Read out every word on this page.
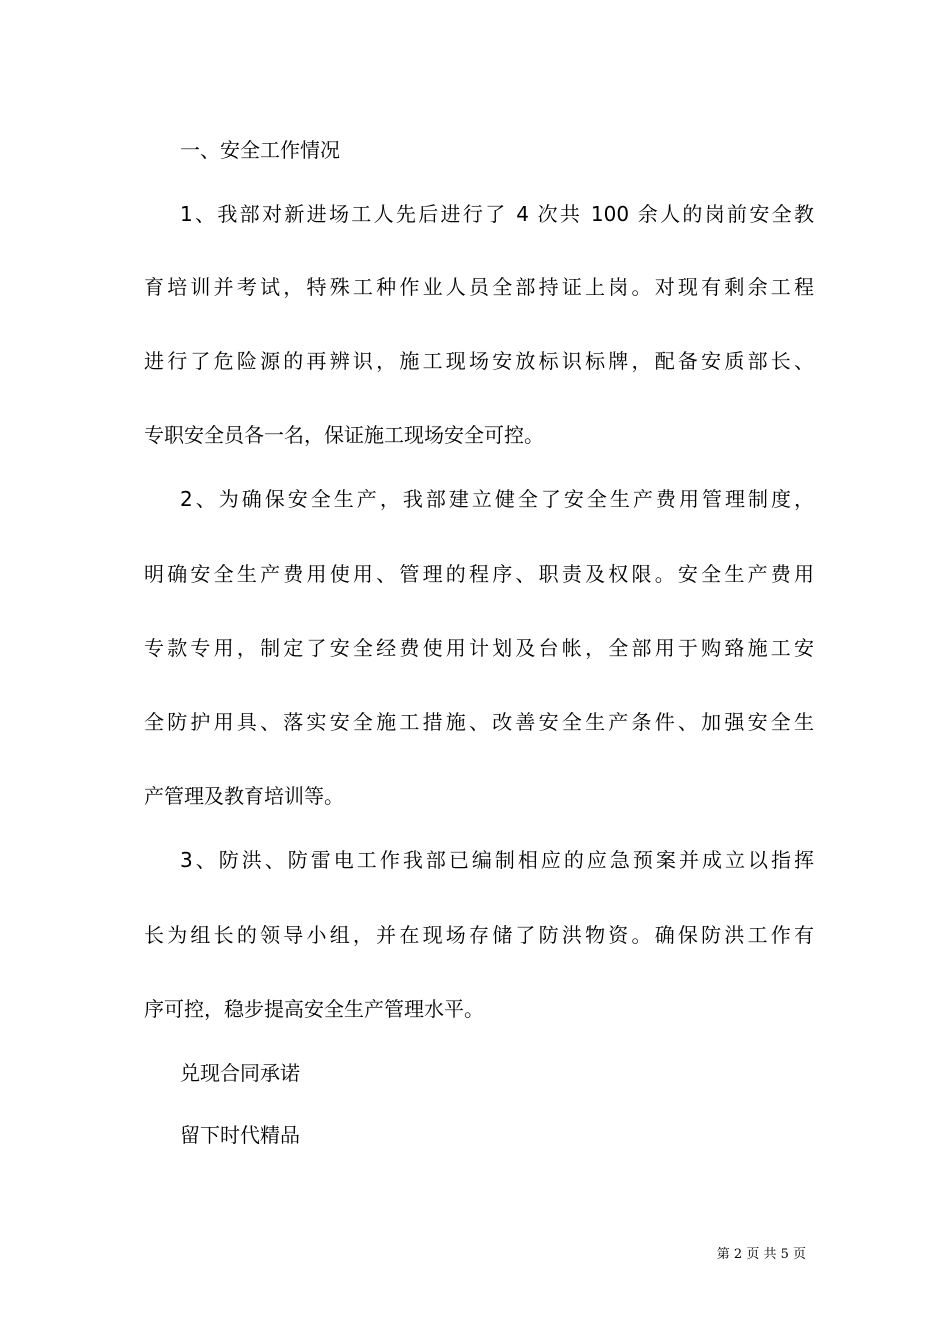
一、安全工作情况
1、我部对新进场工人先后进行了 4 次共 100 余人的岗前安全教
育培训并考试，特殊工种作业人员全部持证上岗。对现有剩余工程
进行了危险源的再辨识，施工现场安放标识标牌，配备安质部长、
专职安全员各一名，保证施工现场安全可控。
2、为确保安全生产，我部建立健全了安全生产费用管理制度，
明确安全生产费用使用、管理的程序、职责及权限。安全生产费用
专款专用，制定了安全经费使用计划及台帐，全部用于购臵施工安
全防护用具、落实安全施工措施、改善安全生产条件、加强安全生
产管理及教育培训等。
3、防洪、防雷电工作我部已编制相应的应急预案并成立以指挥
长为组长的领导小组，并在现场存储了防洪物资。确保防洪工作有
序可控，稳步提高安全生产管理水平。
兑现合同承诺
留下时代精品
第 2 页 共 5 页
